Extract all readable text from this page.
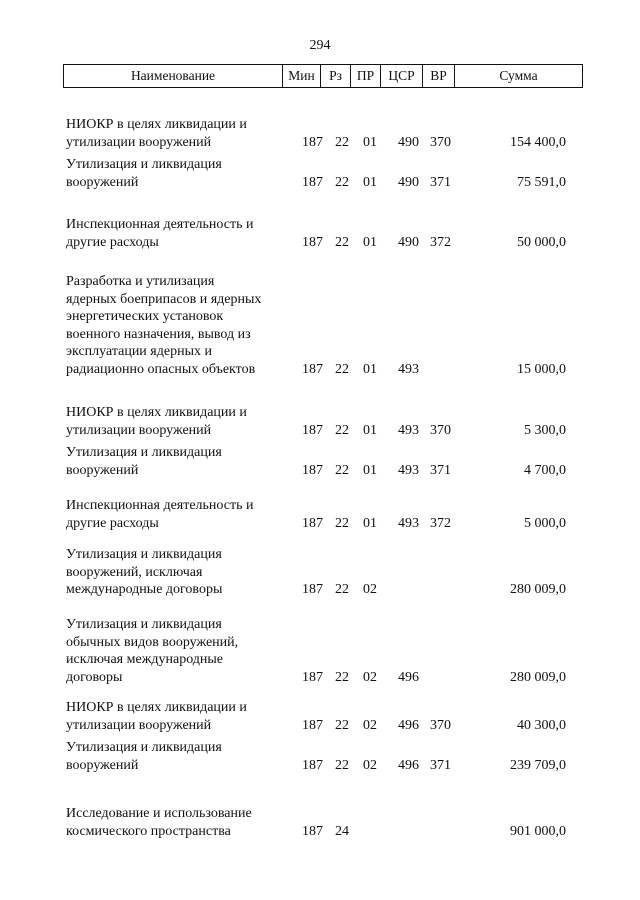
294
Наименование	Мин	Рз	ПР	ЦСР	ВР	Сумма
НИОКР в целях ликвидации и
утилизации вооружений	187 22 01 490 370	154 400,0
Утилизация и ликвидация
вооружений	187 22 01 490 371	75 591,0
Инспекционная деятельность и
другие расходы	187 22 01 490 372	50 000,0
Разработка и утилизация
ядерных боеприпасов и ядерных
энергетических установок
военного назначения, вывод из
эксплуатации ядерных и
радиационно опасных объектов	187 22 01 493	15 000,0
НИОКР в целях ликвидации и
утилизации вооружений	187 22 01 493 370	5 300,0
Утилизация и ликвидация
вооружений	187 22 01 493 371	4 700,0
Инспекционная деятельность и
другие расходы	187 22 01 493 372	5 000,0
Утилизация и ликвидация
вооружений, исключая
международные договоры	187 22 02	280 009,0
Утилизация и ликвидация
обычных видов вооружений,
исключая международные
договоры	187 22 02 496	280 009,0
НИОКР в целях ликвидации и
утилизации вооружений	187 22 02 496 370	40 300,0
Утилизация и ликвидация
вооружений	187 22 02 496 371	239 709,0
Исследование и использование
космического пространства	187 24	901 000,0
